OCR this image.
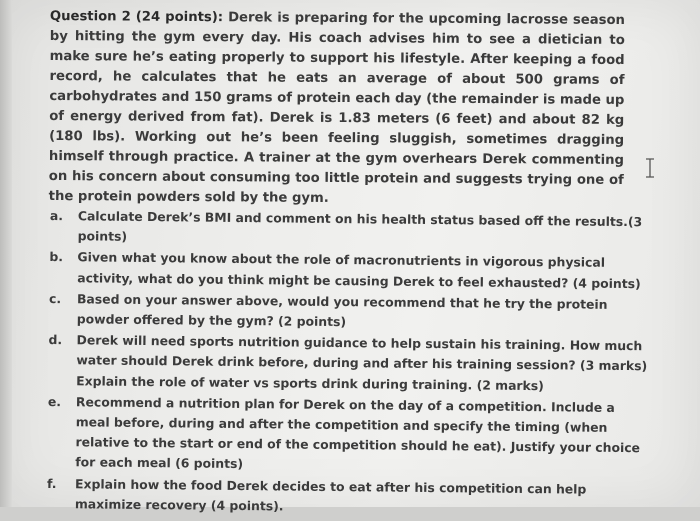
Question 2 (24 points): Derek is preparing for the upcoming lacrosse season by hitting the gym every day. His coach advises him to see a dietician to make sure he’s eating properly to support his lifestyle. After keeping a food record, he calculates that he eats an average of about 500 grams of carbohydrates and 150 grams of protein each day (the remainder is made up of energy derived from fat). Derek is 1.83 meters (6 feet) and about 82 kg (180 lbs). Working out he’s been feeling sluggish, sometimes dragging himself through practice. A trainer at the gym overhears Derek commenting on his concern about consuming too little protein and suggests trying one of the protein powders sold by the gym.
a.	Calculate Derek’s BMI and comment on his health status based off the results.(3 points)
b.	Given what you know about the role of macronutrients in vigorous physical activity, what do you think might be causing Derek to feel exhausted? (4 points)
c.	Based on your answer above, would you recommend that he try the protein powder offered by the gym? (2 points)
d.	Derek will need sports nutrition guidance to help sustain his training. How much water should Derek drink before, during and after his training session? (3 marks) Explain the role of water vs sports drink during training. (2 marks)
e.	Recommend a nutrition plan for Derek on the day of a competition. Include a meal before, during and after the competition and specify the timing (when relative to the start or end of the competition should he eat). Justify your choice for each meal (6 points)
f.	Explain how the food Derek decides to eat after his competition can help maximize recovery (4 points).
